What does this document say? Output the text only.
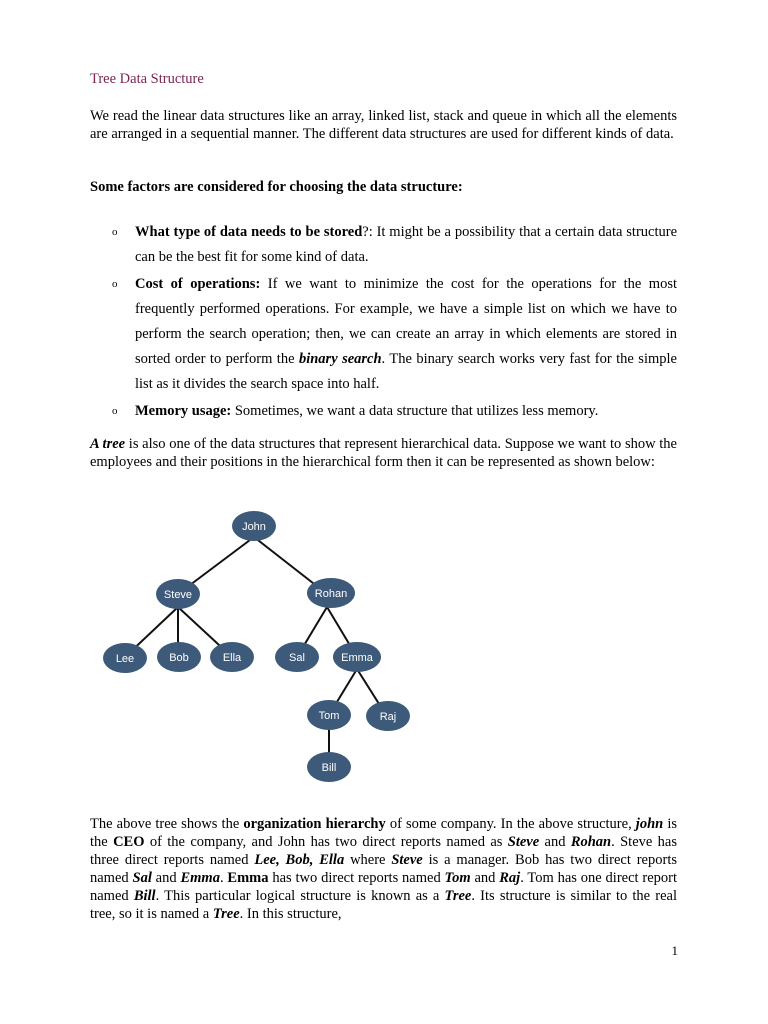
Tree Data Structure

We read the linear data structures like an array, linked list, stack and queue in which all the elements are arranged in a sequential manner. The different data structures are used for different kinds of data.

Some factors are considered for choosing the data structure:
o What type of data needs to be stored?: It might be a possibility that a certain data structure can be the best fit for some kind of data.
o Cost of operations: If we want to minimize the cost for the operations for the most frequently performed operations. For example, we have a simple list on which we have to perform the search operation; then, we can create an array in which elements are stored in sorted order to perform the binary search. The binary search works very fast for the simple list as it divides the search space into half.
o Memory usage: Sometimes, we want a data structure that utilizes less memory.

A tree is also one of the data structures that represent hierarchical data. Suppose we want to show the employees and their positions in the hierarchical form then it can be represented as shown below:

The above tree shows the organization hierarchy of some company. In the above structure, john is the CEO of the company, and John has two direct reports named as Steve and Rohan. Steve has three direct reports named Lee, Bob, Ella where Steve is a manager. Bob has two direct reports named Sal and Emma. Emma has two direct reports named Tom and Raj. Tom has one direct report named Bill. This particular logical structure is known as a Tree. Its structure is similar to the real tree, so it is named a Tree. In this structure,

John
Steve	Rohan
Lee	Bob	Ella	Sal	Emma
Tom	Raj
Bill
1
